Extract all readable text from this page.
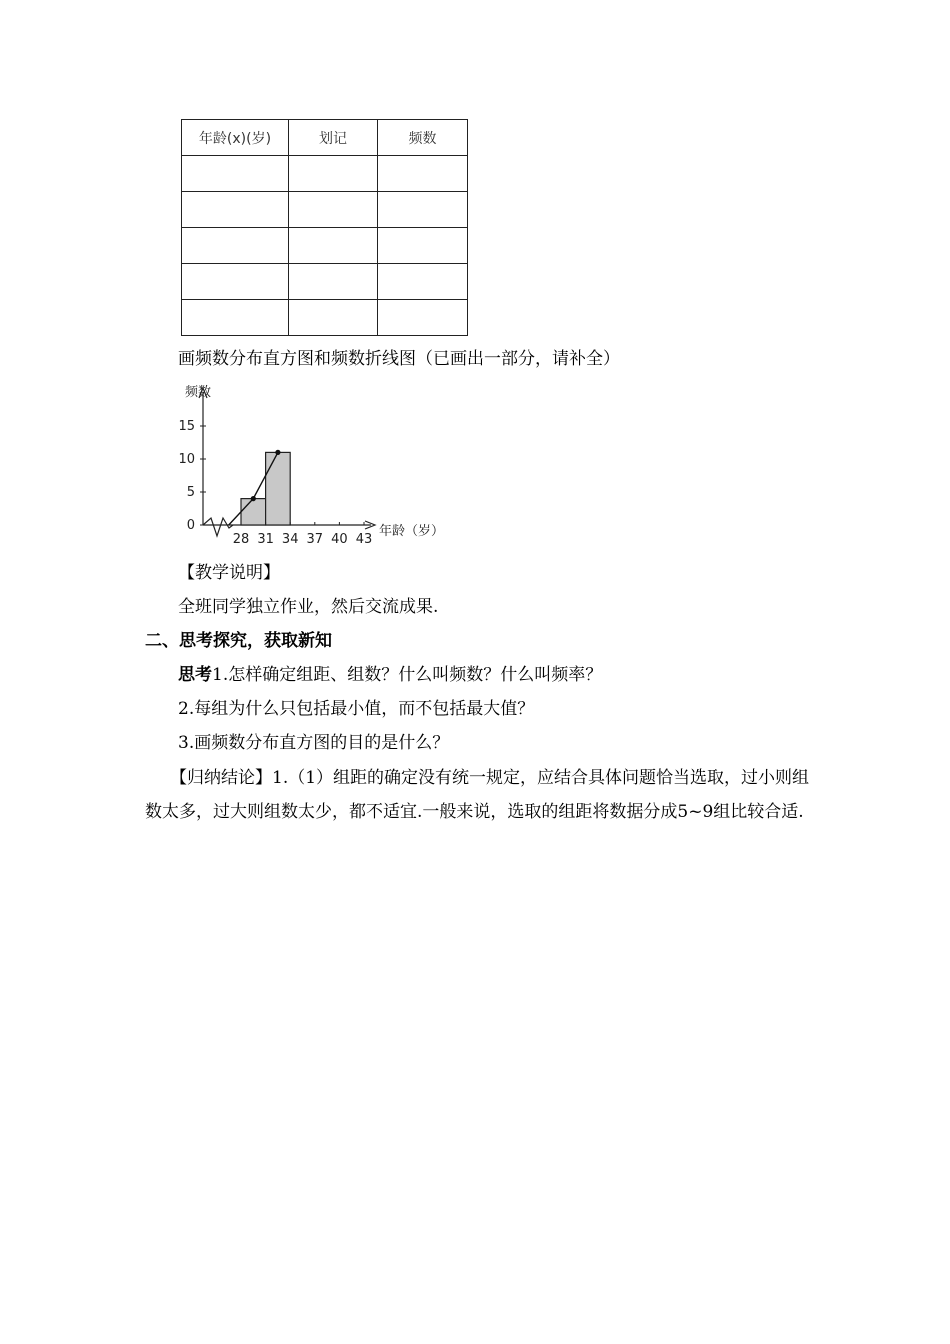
年龄(x)(岁)	划记	频数

画频数分布直方图和频数折线图（已画出一部分，请补全）
频数
年龄（岁）
0
5
10
15
28 31 34 37 40 43
【教学说明】
全班同学独立作业，然后交流成果.
二、思考探究，获取新知
思考1.怎样确定组距、组数？什么叫频数？什么叫频率？
2.每组为什么只包括最小值，而不包括最大值？
3.画频数分布直方图的目的是什么？
【归纳结论】1.（1）组距的确定没有统一规定，应结合具体问题恰当选取，过小则组数太多，过大则组数太少，都不适宜.一般来说，选取的组距将数据分成5~9组比较合适.
